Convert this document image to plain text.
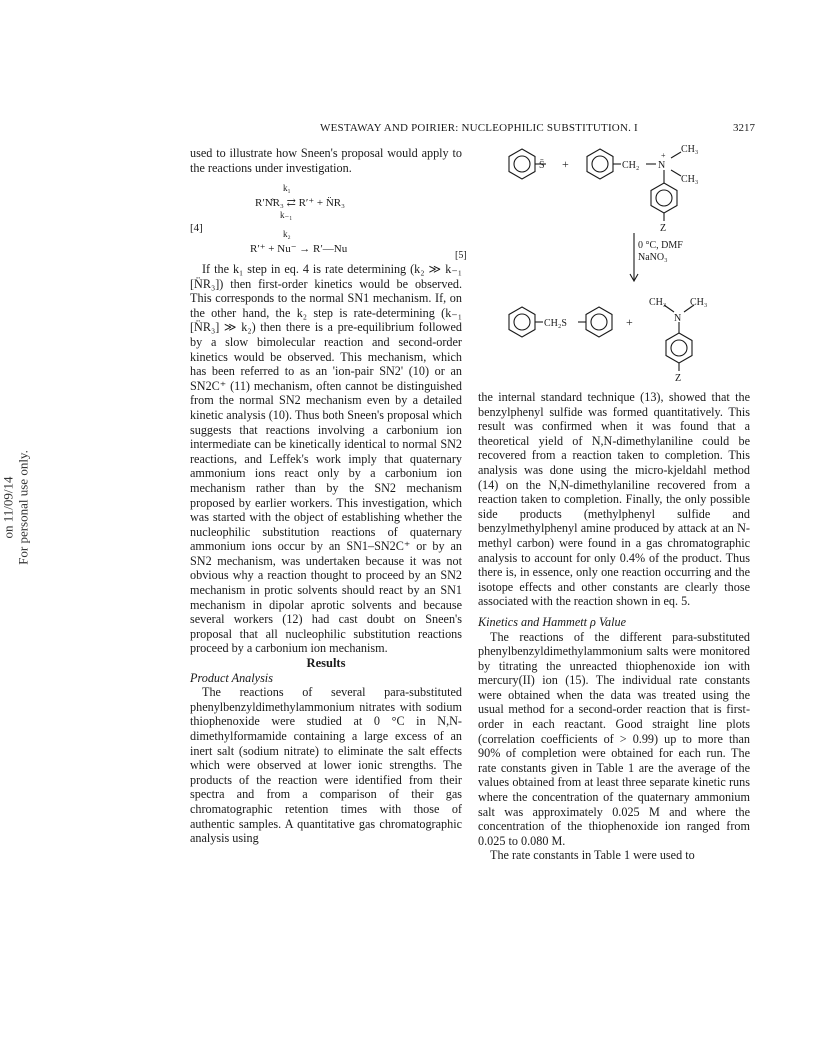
on 11/09/14 For personal use only.
WESTAWAY AND POIRIER: NUCLEOPHILIC SUBSTITUTION. I	3217

used to illustrate how Sneen's proposal would apply to the reactions under investigation.

k₁
R′N̊R₃ ⇄ R′⁺ + N̈R₃
k₋₁
[4]	k₂
R′⁺ + Nu⁻ → R′—Nu

If the k₁ step in eq. 4 is rate determining (k₂ ≫ k₋₁ [N̈R₃]) then first-order kinetics would be observed. This corresponds to the normal SN1 mechanism. If, on the other hand, the k₂ step is rate-determining (k₋₁ [N̈R₃] ≫ k₂) then there is a pre-equilibrium followed by a slow bimolecular reaction and second-order kinetics would be observed. This mechanism, which has been referred to as an 'ion-pair SN2' (10) or an SN2C⁺ (11) mechanism, often cannot be distinguished from the normal SN2 mechanism even by a detailed kinetic analysis (10). Thus both Sneen's proposal which suggests that reactions involving a carbonium ion intermediate can be kinetically identical to normal SN2 reactions, and Leffek's work imply that quaternary ammonium ions react only by a carbonium ion mechanism rather than by the SN2 mechanism proposed by earlier workers. This investigation, which was started with the object of establishing whether the nucleophilic substitution reactions of quaternary ammonium ions occur by an SN1–SN2C⁺ or by an SN2 mechanism, was undertaken because it was not obvious why a reaction thought to proceed by an SN2 mechanism in protic solvents should react by an SN1 mechanism in dipolar aprotic solvents and because several workers (12) had cast doubt on Sneen's proposal that all nucleophilic substitution reactions proceed by a carbonium ion mechanism.

Results

Product Analysis

The reactions of several para-substituted phenylbenzyldimethylammonium nitrates with sodium thiophenoxide were studied at 0 °C in N,N-dimethylformamide containing a large excess of an inert salt (sodium nitrate) to eliminate the salt effects which were observed at lower ionic strengths. The products of the reaction were identified from their spectra and from a comparison of their gas chromatographic retention times with those of authentic samples. A quantitative gas chromatographic analysis using

S̄ +	CH₂
+
N
CH₃
CH₃
Z
[5]
0 °C, DMF
NaNO₃
CH₂S	+
CH₃ CH₃
N
Z

the internal standard technique (13), showed that the benzylphenyl sulfide was formed quantitatively. This result was confirmed when it was found that a theoretical yield of N,N-dimethylaniline could be recovered from a reaction taken to completion. This analysis was done using the micro-kjeldahl method (14) on the N,N-dimethylaniline recovered from a reaction taken to completion. Finally, the only possible side products (methylphenyl sulfide and benzylmethylphenyl amine produced by attack at an N-methyl carbon) were found in a gas chromatographic analysis to account for only 0.4% of the product. Thus there is, in essence, only one reaction occurring and the isotope effects and other constants are clearly those associated with the reaction shown in eq. 5.

Kinetics and Hammett ρ Value

The reactions of the different para-substituted phenylbenzyldimethylammonium salts were monitored by titrating the unreacted thiophenoxide ion with mercury(II) ion (15). The individual rate constants were obtained when the data was treated using the usual method for a second-order reaction that is first-order in each reactant. Good straight line plots (correlation coefficients of > 0.99) up to more than 90% of completion were obtained for each run. The rate constants given in Table 1 are the average of the values obtained from at least three separate kinetic runs where the concentration of the quaternary ammonium salt was approximately 0.025 M and where the concentration of the thiophenoxide ion ranged from 0.025 to 0.080 M.

The rate constants in Table 1 were used to
